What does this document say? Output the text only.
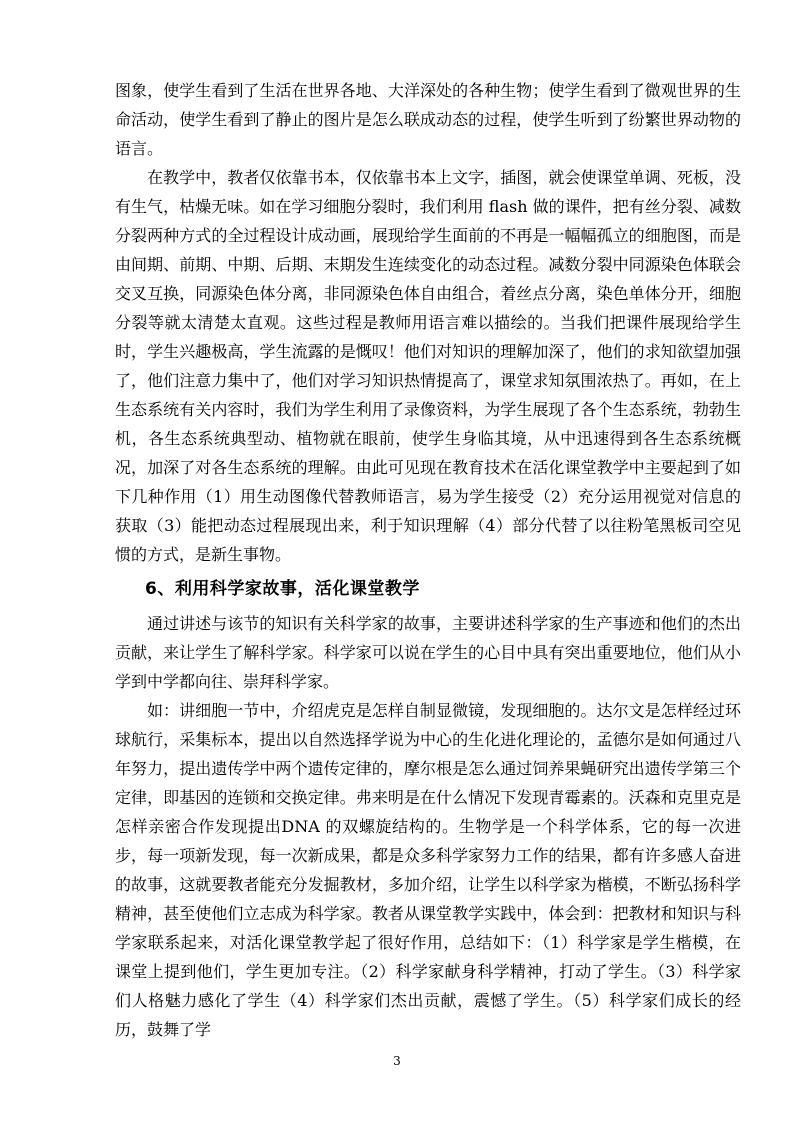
图象，使学生看到了生活在世界各地、大洋深处的各种生物；使学生看到了微观世界的生命活动，使学生看到了静止的图片是怎么联成动态的过程，使学生听到了纷繁世界动物的语言。

在教学中，教者仅依靠书本，仅依靠书本上文字，插图，就会使课堂单调、死板，没有生气，枯燥无味。如在学习细胞分裂时，我们利用 flash 做的课件，把有丝分裂、减数分裂两种方式的全过程设计成动画，展现给学生面前的不再是一幅幅孤立的细胞图，而是由间期、前期、中期、后期、末期发生连续变化的动态过程。减数分裂中同源染色体联会交叉互换，同源染色体分离，非同源染色体自由组合，着丝点分离，染色单体分开，细胞分裂等就太清楚太直观。这些过程是教师用语言难以描绘的。当我们把课件展现给学生时，学生兴趣极高，学生流露的是慨叹！他们对知识的理解加深了，他们的求知欲望加强了，他们注意力集中了，他们对学习知识热情提高了，课堂求知氛围浓热了。再如，在上生态系统有关内容时，我们为学生利用了录像资料，为学生展现了各个生态系统，勃勃生机，各生态系统典型动、植物就在眼前，使学生身临其境，从中迅速得到各生态系统概况，加深了对各生态系统的理解。由此可见现在教育技术在活化课堂教学中主要起到了如下几种作用（1）用生动图像代替教师语言，易为学生接受（2）充分运用视觉对信息的获取（3）能把动态过程展现出来，利于知识理解（4）部分代替了以往粉笔黑板司空见惯的方式，是新生事物。

6、利用科学家故事，活化课堂教学

通过讲述与该节的知识有关科学家的故事，主要讲述科学家的生产事迹和他们的杰出贡献，来让学生了解科学家。科学家可以说在学生的心目中具有突出重要地位，他们从小学到中学都向往、崇拜科学家。

如：讲细胞一节中，介绍虎克是怎样自制显微镜，发现细胞的。达尔文是怎样经过环球航行，采集标本，提出以自然选择学说为中心的生化进化理论的，孟德尔是如何通过八年努力，提出遗传学中两个遗传定律的，摩尔根是怎么通过饲养果蝇研究出遗传学第三个定律，即基因的连锁和交换定律。弗来明是在什么情况下发现青霉素的。沃森和克里克是怎样亲密合作发现提出DNA 的双螺旋结构的。生物学是一个科学体系，它的每一次进步，每一项新发现，每一次新成果，都是众多科学家努力工作的结果，都有许多感人奋进的故事，这就要教者能充分发掘教材，多加介绍，让学生以科学家为楷模，不断弘扬科学精神，甚至使他们立志成为科学家。教者从课堂教学实践中，体会到：把教材和知识与科学家联系起来，对活化课堂教学起了很好作用，总结如下：（1）科学家是学生楷模，在课堂上提到他们，学生更加专注。（2）科学家献身科学精神，打动了学生。（3）科学家们人格魅力感化了学生（4）科学家们杰出贡献，震憾了学生。（5）科学家们成长的经历，鼓舞了学

3
